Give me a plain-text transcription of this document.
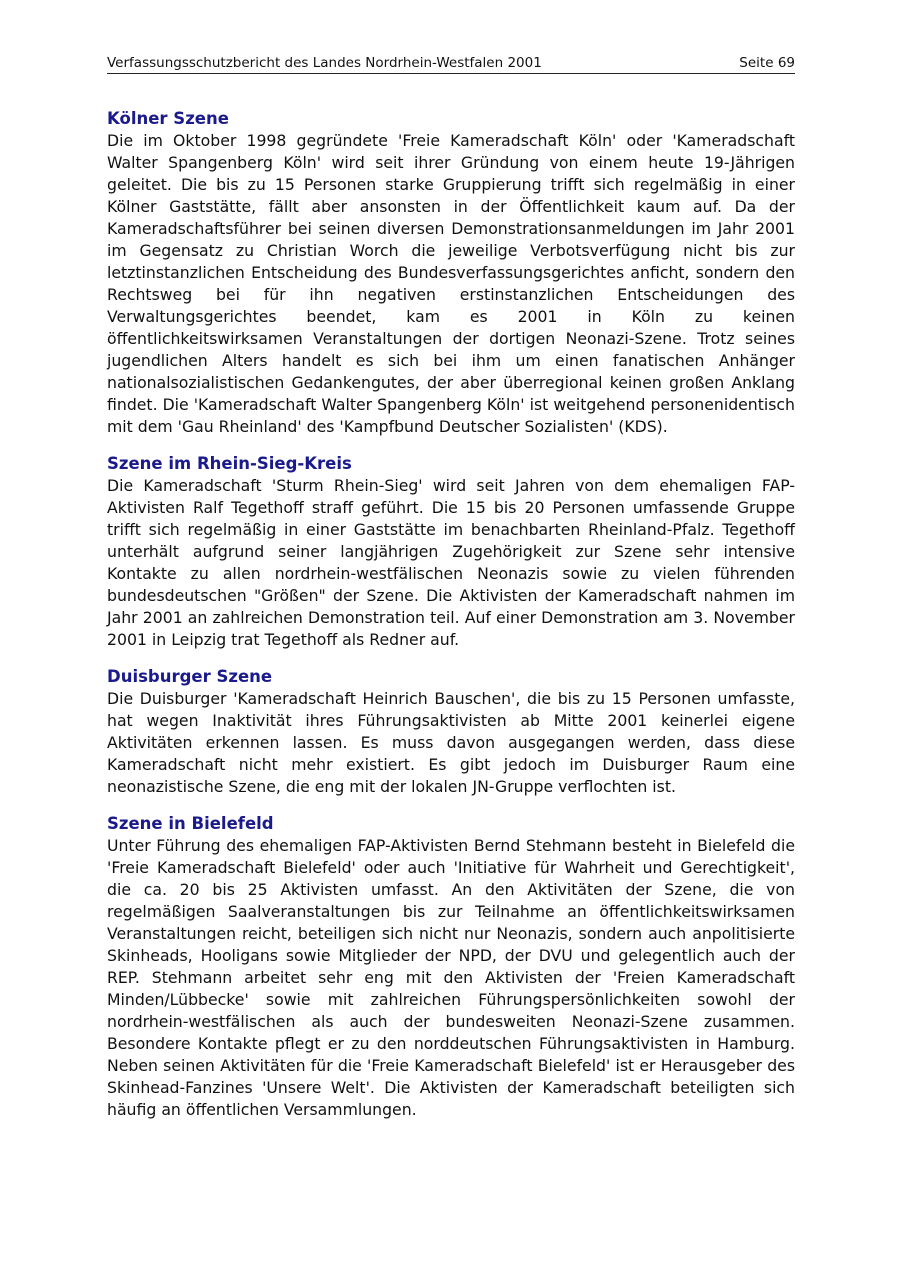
Verfassungsschutzbericht des Landes Nordrhein-Westfalen 2001	Seite 69
Kölner Szene

Die im Oktober 1998 gegründete 'Freie Kameradschaft Köln' oder 'Kameradschaft Walter Spangenberg Köln' wird seit ihrer Gründung von einem heute 19-Jährigen geleitet. Die bis zu 15 Personen starke Gruppierung trifft sich regelmäßig in einer Kölner Gaststätte, fällt aber ansonsten in der Öffentlichkeit kaum auf. Da der Kameradschaftsführer bei seinen diversen Demonstrationsanmeldungen im Jahr 2001 im Gegensatz zu Christian Worch die jeweilige Verbotsverfügung nicht bis zur letztinstanzlichen Entscheidung des Bundesverfassungsgerichtes anficht, sondern den Rechtsweg bei für ihn negativen erstinstanzlichen Entscheidungen des Verwaltungsgerichtes beendet, kam es 2001 in Köln zu keinen öffentlichkeitswirksamen Veranstaltungen der dortigen Neonazi-Szene. Trotz seines jugendlichen Alters handelt es sich bei ihm um einen fanatischen Anhänger nationalsozialistischen Gedankengutes, der aber überregional keinen großen Anklang findet. Die 'Kameradschaft Walter Spangenberg Köln' ist weitgehend personenidentisch mit dem 'Gau Rheinland' des 'Kampfbund Deutscher Sozialisten' (KDS).

Szene im Rhein-Sieg-Kreis

Die Kameradschaft 'Sturm Rhein-Sieg' wird seit Jahren von dem ehemaligen FAP-Aktivisten Ralf Tegethoff straff geführt. Die 15 bis 20 Personen umfassende Gruppe trifft sich regelmäßig in einer Gaststätte im benachbarten Rheinland-Pfalz. Tegethoff unterhält aufgrund seiner langjährigen Zugehörigkeit zur Szene sehr intensive Kontakte zu allen nordrhein-westfälischen Neonazis sowie zu vielen führenden bundesdeutschen "Größen" der Szene. Die Aktivisten der Kameradschaft nahmen im Jahr 2001 an zahlreichen Demonstration teil. Auf einer Demonstration am 3. November 2001 in Leipzig trat Tegethoff als Redner auf.

Duisburger Szene

Die Duisburger 'Kameradschaft Heinrich Bauschen', die bis zu 15 Personen umfasste, hat wegen Inaktivität ihres Führungsaktivisten ab Mitte 2001 keinerlei eigene Aktivitäten erkennen lassen. Es muss davon ausgegangen werden, dass diese Kameradschaft nicht mehr existiert. Es gibt jedoch im Duisburger Raum eine neonazistische Szene, die eng mit der lokalen JN-Gruppe verflochten ist.

Szene in Bielefeld

Unter Führung des ehemaligen FAP-Aktivisten Bernd Stehmann besteht in Bielefeld die 'Freie Kameradschaft Bielefeld' oder auch 'Initiative für Wahrheit und Gerechtigkeit', die ca. 20 bis 25 Aktivisten umfasst. An den Aktivitäten der Szene, die von regelmäßigen Saalveranstaltungen bis zur Teilnahme an öffentlichkeitswirksamen Veranstaltungen reicht, beteiligen sich nicht nur Neonazis, sondern auch anpolitisierte Skinheads, Hooligans sowie Mitglieder der NPD, der DVU und gelegentlich auch der REP. Stehmann arbeitet sehr eng mit den Aktivisten der 'Freien Kameradschaft Minden/Lübbecke' sowie mit zahlreichen Führungspersönlichkeiten sowohl der nordrhein-westfälischen als auch der bundesweiten Neonazi-Szene zusammen. Besondere Kontakte pflegt er zu den norddeutschen Führungsaktivisten in Hamburg. Neben seinen Aktivitäten für die 'Freie Kameradschaft Bielefeld' ist er Herausgeber des Skinhead-Fanzines 'Unsere Welt'. Die Aktivisten der Kameradschaft beteiligten sich häufig an öffentlichen Versammlungen.
